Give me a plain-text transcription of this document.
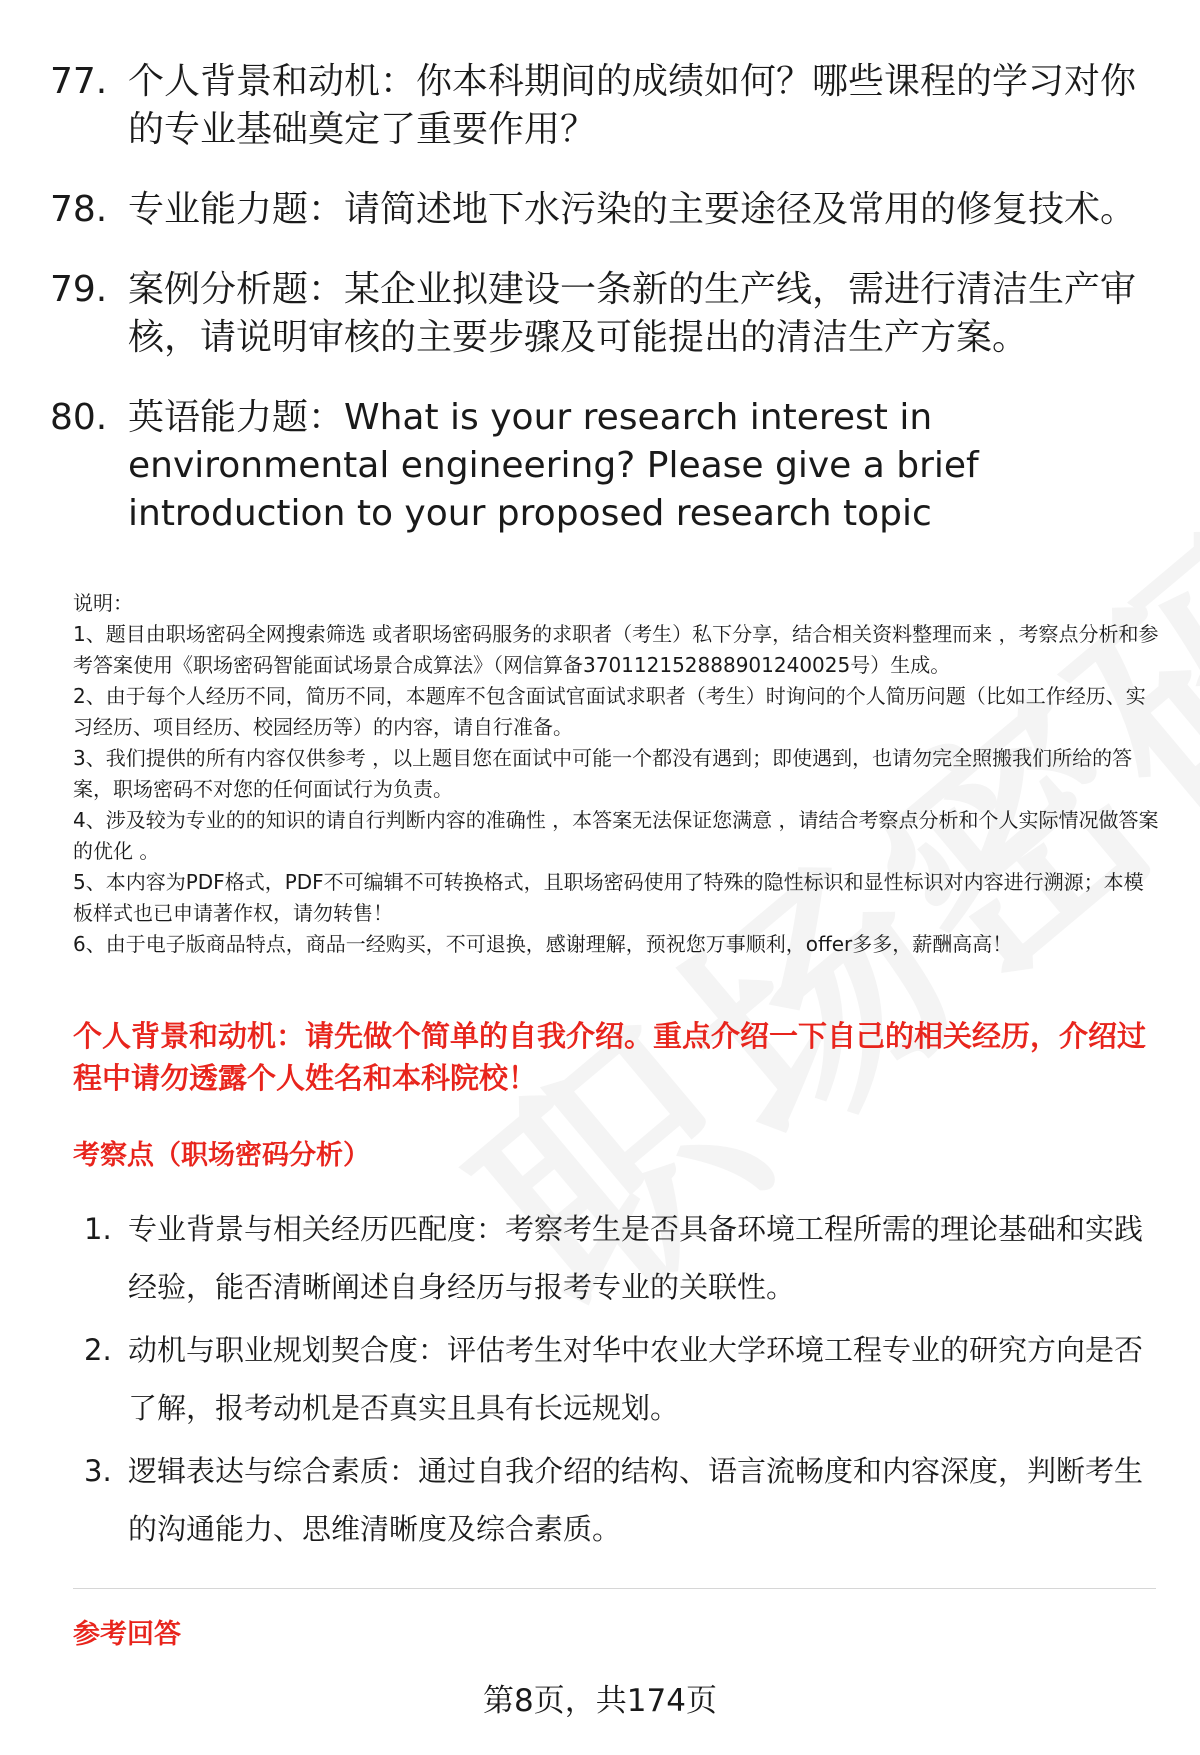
77. 个人背景和动机：你本科期间的成绩如何？哪些课程的学习对你的专业基础奠定了重要作用？
78. 专业能力题：请简述地下水污染的主要途径及常用的修复技术。
79. 案例分析题：某企业拟建设一条新的生产线，需进行清洁生产审核，请说明审核的主要步骤及可能提出的清洁生产方案。
80. 英语能力题：What is your research interest in environmental engineering? Please give a brief introduction to your proposed research topic

说明：

1、题目由职场密码全网搜索筛选 或者职场密码服务的求职者（考生）私下分享，结合相关资料整理而来 ，考察点分析和参考答案使用《职场密码智能面试场景合成算法》（网信算备370112152888901240025号）生成。

2、由于每个人经历不同，简历不同，本题库不包含面试官面试求职者（考生）时询问的个人简历问题（比如工作经历、实习经历、项目经历、校园经历等）的内容，请自行准备。

3、我们提供的所有内容仅供参考 ，以上题目您在面试中可能一个都没有遇到；即使遇到，也请勿完全照搬我们所给的答案，职场密码不对您的任何面试行为负责。

4、涉及较为专业的的知识的请自行判断内容的准确性 ，本答案无法保证您满意 ，请结合考察点分析和个人实际情况做答案的优化 。

5、本内容为PDF格式，PDF不可编辑不可转换格式，且职场密码使用了特殊的隐性标识和显性标识对内容进行溯源；本模板样式也已申请著作权，请勿转售！

6、由于电子版商品特点，商品一经购买，不可退换，感谢理解，预祝您万事顺利，offer多多，薪酬高高！

个人背景和动机：请先做个简单的自我介绍。重点介绍一下自己的相关经历，介绍过程中请勿透露个人姓名和本科院校！
考察点（职场密码分析）
1. 专业背景与相关经历匹配度：考察考生是否具备环境工程所需的理论基础和实践经验，能否清晰阐述自身经历与报考专业的关联性。
2. 动机与职业规划契合度：评估考生对华中农业大学环境工程专业的研究方向是否了解，报考动机是否真实且具有长远规划。
3. 逻辑表达与综合素质：通过自我介绍的结构、语言流畅度和内容深度，判断考生的沟通能力、思维清晰度及综合素质。
参考回答
第8页，共174页
